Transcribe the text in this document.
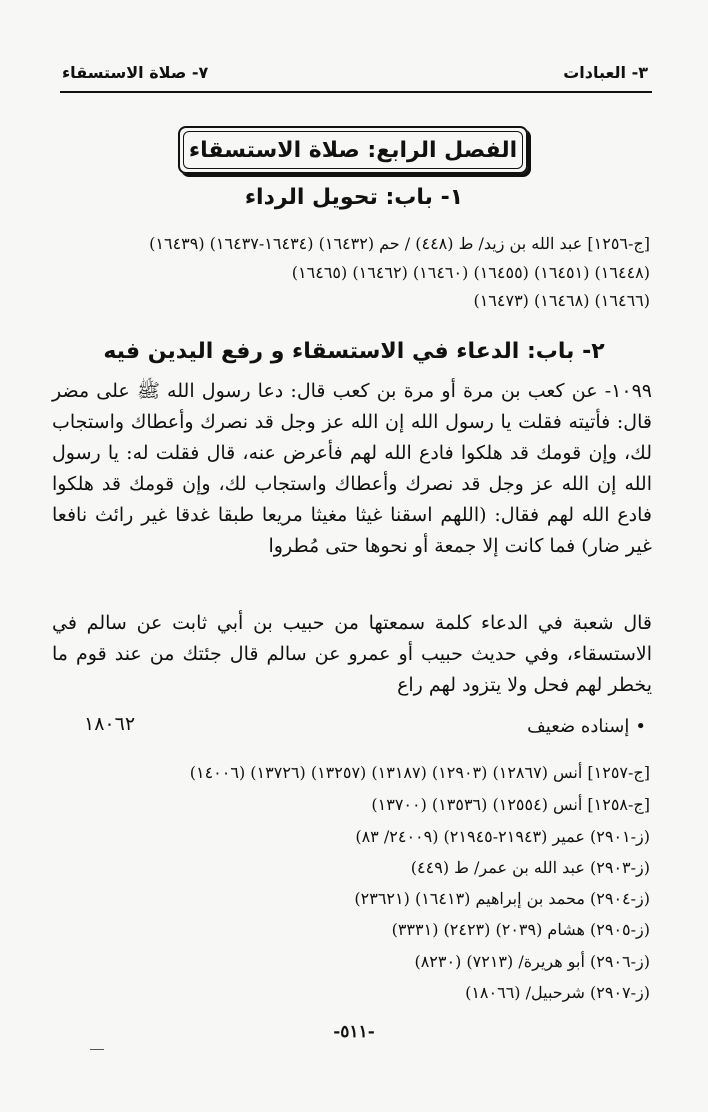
٣- العبادات
٧- صلاة الاستسقاء
الفصل الرابع: صلاة الاستسقاء
١- باب: تحويل الرداء
[ج-١٢٥٦] عبد الله بن زيد/ ط (٤٤٨) / حم (١٦٤٣٢) (١٦٤٣٤-١٦٤٣٧) (١٦٤٣٩)
(١٦٤٤٨) (١٦٤٥١) (١٦٤٥٥) (١٦٤٦٠) (١٦٤٦٢) (١٦٤٦٥)
(١٦٤٦٦) (١٦٤٦٨) (١٦٤٧٣)
٢- باب: الدعاء في الاستسقاء و رفع اليدين فيه
١٠٩٩- عن كعب بن مرة أو مرة بن كعب قال: دعا رسول الله ﷺ على مضر قال: فأتيته فقلت يا رسول الله إن الله عز وجل قد نصرك وأعطاك واستجاب لك، وإن قومك قد هلكوا فادع الله لهم فأعرض عنه، قال فقلت له: يا رسول الله إن الله عز وجل قد نصرك وأعطاك واستجاب لك، وإن قومك قد هلكوا فادع الله لهم فقال: (اللهم اسقنا غيثا مغيثا مريعا طبقا غدقا غير رائث نافعا غير ضار) فما كانت إلا جمعة أو نحوها حتى مُطروا
قال شعبة في الدعاء كلمة سمعتها من حبيب بن أبي ثابت عن سالم في الاستسقاء، وفي حديث حبيب أو عمرو عن سالم قال جئتك من عند قوم ما يخطر لهم فحل ولا يتزود لهم راع
•إسناده ضعيف
١٨٠٦٢
[ج-١٢٥٧] أنس (١٢٨٦٧) (١٢٩٠٣) (١٣١٨٧) (١٣٢٥٧) (١٣٧٢٦) (١٤٠٠٦)
[ج-١٢٥٨] أنس (١٢٥٥٤) (١٣٥٣٦) (١٣٧٠٠)
(ز-٢٩٠١) عمير (٢١٩٤٣-٢١٩٤٥) (٢٤٠٠٩/ ٨٣)
(ز-٢٩٠٣) عبد الله بن عمر/ ط (٤٤٩)
(ز-٢٩٠٤) محمد بن إبراهيم (١٦٤١٣) (٢٣٦٢١)
(ز-٢٩٠٥) هشام (٢٠٣٩) (٢٤٢٣) (٣٣٣١)
(ز-٢٩٠٦) أبو هريرة/ (٧٢١٣) (٨٢٣٠)
(ز-٢٩٠٧) شرحبيل/ (١٨٠٦٦)
-٥١١-
